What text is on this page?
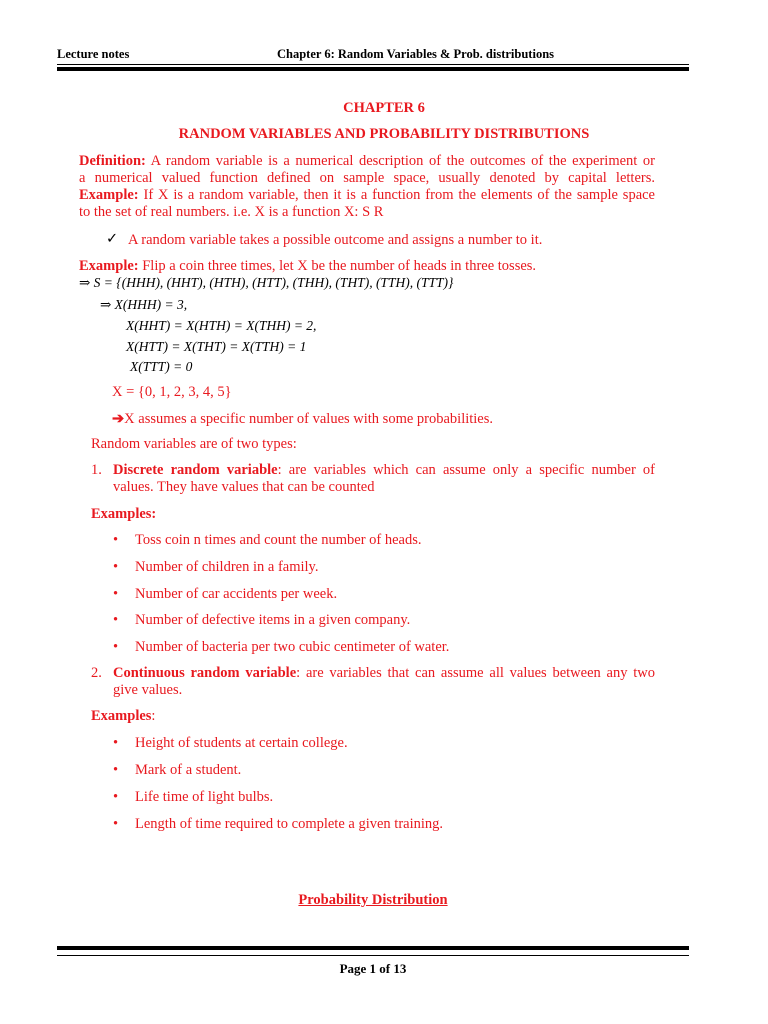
Lecture notes	Chapter 6: Random Variables & Prob. distributions
CHAPTER 6
RANDOM VARIABLES AND PROBABILITY DISTRIBUTIONS
Definition: A random variable is a numerical description of the outcomes of the experiment or
a numerical valued function defined on sample space, usually denoted by capital letters.
Example: If X is a random variable, then it is a function from the elements of the sample space
to the set of real numbers. i.e. X is a function X: S R
✓ A random variable takes a possible outcome and assigns a number to it.
Example: Flip a coin three times, let X be the number of heads in three tosses.
⇒ S = {(HHH), (HHT), (HTH), (HTT), (THH), (THT), (TTH), (TTT)}
⇒ X(HHH) = 3,
X(HHT) = X(HTH) = X(THH) = 2,
X(HTT) = X(THT) = X(TTH) = 1
X(TTT) = 0
X = {0, 1, 2, 3, 4, 5}
➔X assumes a specific number of values with some probabilities.
Random variables are of two types:
1. Discrete random variable: are variables which can assume only a specific number of
values. They have values that can be counted
Examples:
• Toss coin n times and count the number of heads.
• Number of children in a family.
• Number of car accidents per week.
• Number of defective items in a given company.
• Number of bacteria per two cubic centimeter of water.
2. Continuous random variable: are variables that can assume all values between any two
give values.
Examples:
• Height of students at certain college.
• Mark of a student.
• Life time of light bulbs.
• Length of time required to complete a given training.
Probability Distribution
Page 1 of 13
